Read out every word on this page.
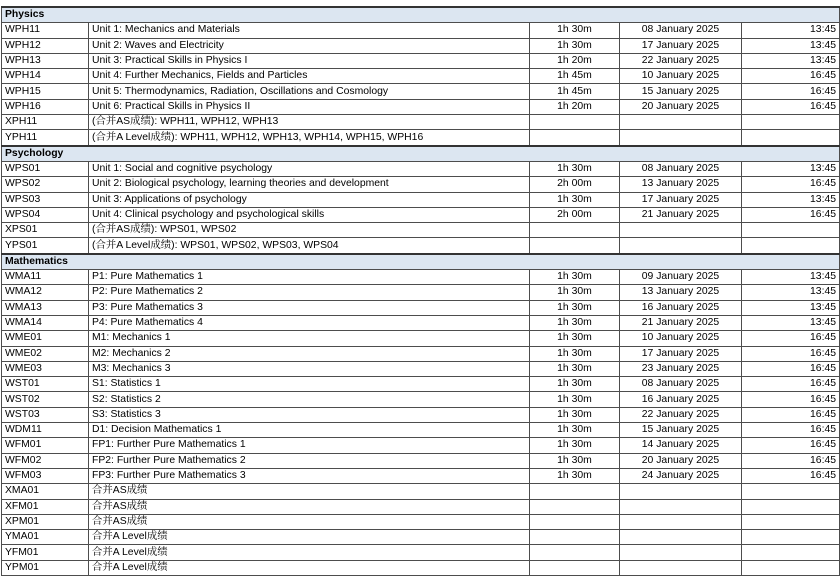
Physics				
WPH11	Unit 1: Mechanics and Materials	1h 30m	08 January 2025	13:45
WPH12	Unit 2: Waves and Electricity	1h 30m	17 January 2025	13:45
WPH13	Unit 3: Practical Skills in Physics I	1h 20m	22 January 2025	13:45
WPH14	Unit 4: Further Mechanics, Fields and Particles	1h 45m	10 January 2025	16:45
WPH15	Unit 5: Thermodynamics, Radiation, Oscillations and Cosmology	1h 45m	15 January 2025	16:45
WPH16	Unit 6: Practical Skills in Physics II	1h 20m	20 January 2025	16:45
XPH11	(合并AS成绩): WPH11, WPH12, WPH13			
YPH11	(合并A Level成绩): WPH11, WPH12, WPH13, WPH14, WPH15, WPH16			
Psychology				
WPS01	Unit 1: Social and cognitive psychology	1h 30m	08 January 2025	13:45
WPS02	Unit 2: Biological psychology, learning theories and development	2h 00m	13 January 2025	16:45
WPS03	Unit 3: Applications of psychology	1h 30m	17 January 2025	13:45
WPS04	Unit 4: Clinical psychology and psychological skills	2h 00m	21 January 2025	16:45
XPS01	(合并AS成绩): WPS01, WPS02			
YPS01	(合并A Level成绩): WPS01, WPS02, WPS03, WPS04			
Mathematics				
WMA11	P1: Pure Mathematics 1	1h 30m	09 January 2025	13:45
WMA12	P2: Pure Mathematics 2	1h 30m	13 January 2025	13:45
WMA13	P3: Pure Mathematics 3	1h 30m	16 January 2025	13:45
WMA14	P4: Pure Mathematics 4	1h 30m	21 January 2025	13:45
WME01	M1: Mechanics 1	1h 30m	10 January 2025	16:45
WME02	M2: Mechanics 2	1h 30m	17 January 2025	16:45
WME03	M3: Mechanics 3	1h 30m	23 January 2025	16:45
WST01	S1: Statistics 1	1h 30m	08 January 2025	16:45
WST02	S2: Statistics 2	1h 30m	16 January 2025	16:45
WST03	S3: Statistics 3	1h 30m	22 January 2025	16:45
WDM11	D1: Decision Mathematics 1	1h 30m	15 January 2025	16:45
WFM01	FP1: Further Pure Mathematics 1	1h 30m	14 January 2025	16:45
WFM02	FP2: Further Pure Mathematics 2	1h 30m	20 January 2025	16:45
WFM03	FP3: Further Pure Mathematics 3	1h 30m	24 January 2025	16:45
XMA01	合并AS成绩			
XFM01	合并AS成绩			
XPM01	合并AS成绩			
YMA01	合并A Level成绩			
YFM01	合并A Level成绩			
YPM01	合并A Level成绩			
